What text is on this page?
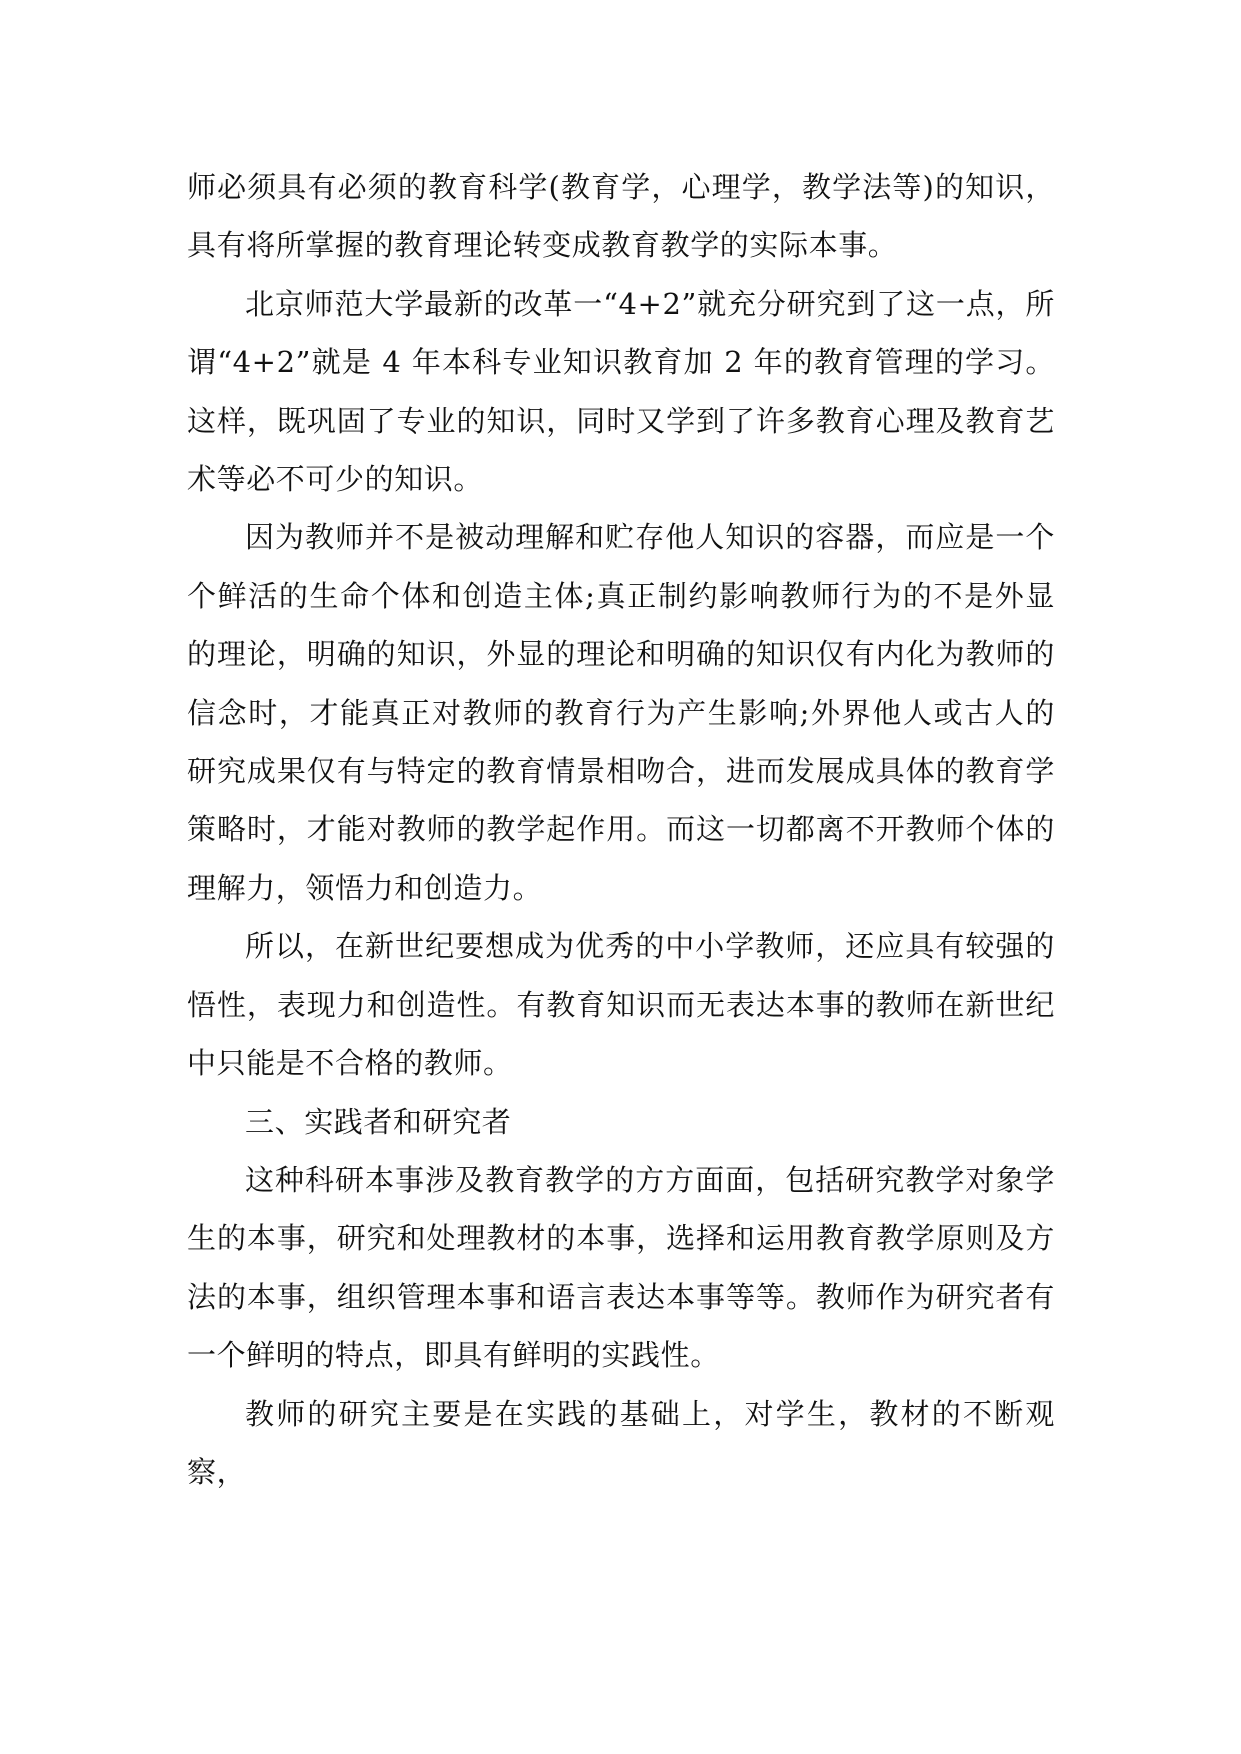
师必须具有必须的教育科学(教育学，心理学，教学法等)的知识，具有将所掌握的教育理论转变成教育教学的实际本事。

北京师范大学最新的改革一“4+2”就充分研究到了这一点，所谓“4+2”就是 4 年本科专业知识教育加 2 年的教育管理的学习。这样，既巩固了专业的知识，同时又学到了许多教育心理及教育艺术等必不可少的知识。

因为教师并不是被动理解和贮存他人知识的容器，而应是一个个鲜活的生命个体和创造主体;真正制约影响教师行为的不是外显的理论，明确的知识，外显的理论和明确的知识仅有内化为教师的信念时，才能真正对教师的教育行为产生影响;外界他人或古人的研究成果仅有与特定的教育情景相吻合，进而发展成具体的教育学策略时，才能对教师的教学起作用。而这一切都离不开教师个体的理解力，领悟力和创造力。

所以，在新世纪要想成为优秀的中小学教师，还应具有较强的悟性，表现力和创造性。有教育知识而无表达本事的教师在新世纪中只能是不合格的教师。

三、实践者和研究者

这种科研本事涉及教育教学的方方面面，包括研究教学对象学生的本事，研究和处理教材的本事，选择和运用教育教学原则及方法的本事，组织管理本事和语言表达本事等等。教师作为研究者有一个鲜明的特点，即具有鲜明的实践性。

教师的研究主要是在实践的基础上，对学生，教材的不断观察，
